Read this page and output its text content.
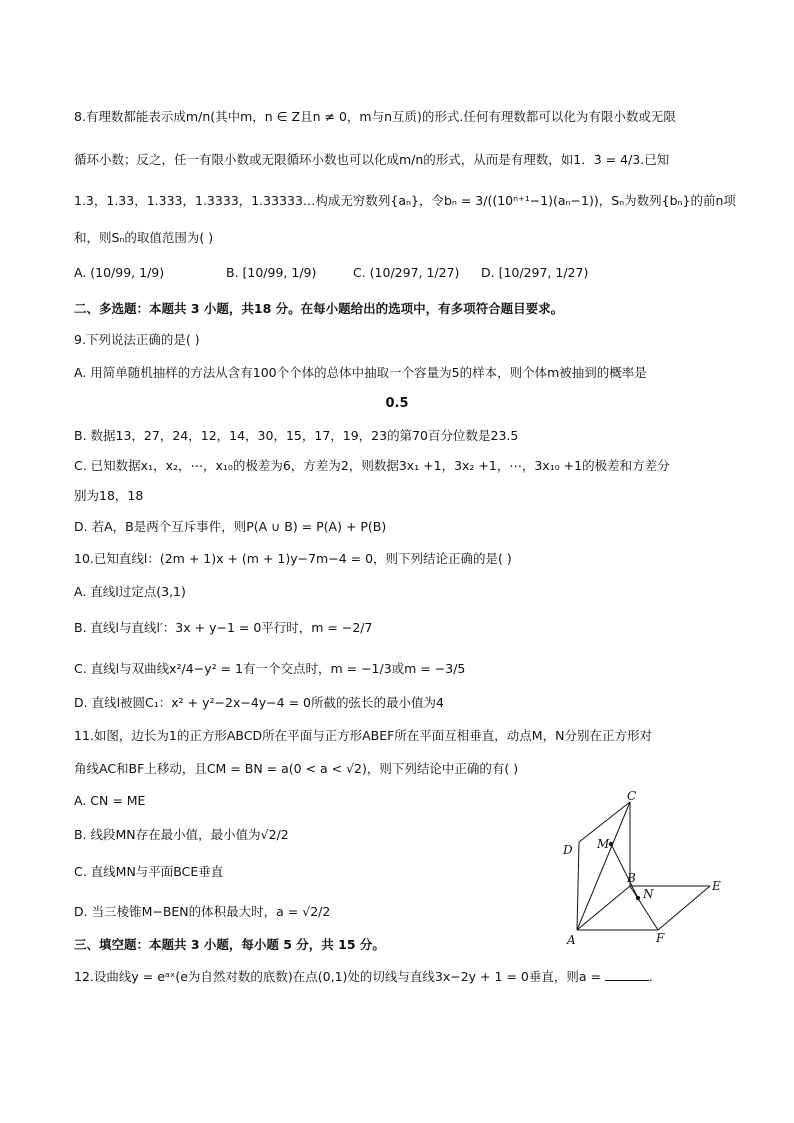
8.有理数都能表示成m/n(其中m，n ∈ Z且n ≠ 0，m与n互质)的形式.任何有理数都可以化为有限小数或无限
循环小数；反之，任一有限小数或无限循环小数也可以化成m/n的形式，从而是有理数，如1．3̇ = 4/3.已知
1.3，1.33，1.333，1.3333，1.33333…构成无穷数列{aₙ}，令bₙ = 3/((10ⁿ⁺¹−1)(aₙ−1))，Sₙ为数列{bₙ}的前n项
和，则Sₙ的取值范围为( )
A. (10/99, 1/9)	B. [10/99, 1/9)	C. (10/297, 1/27) D. [10/297, 1/27)
二、多选题：本题共 3 小题，共18 分。在每小题给出的选项中，有多项符合题目要求。
9.下列说法正确的是( )
A. 用简单随机抽样的方法从含有100个个体的总体中抽取一个容量为5的样本，则个体m被抽到的概率是
0.5
B. 数据13，27，24，12，14，30，15，17，19，23的第70百分位数是23.5
C. 已知数据x₁，x₂，⋯，x₁₀的极差为6，方差为2，则数据3x₁ +1，3x₂ +1，⋯，3x₁₀ +1的极差和方差分
别为18，18
D. 若A，B是两个互斥事件，则P(A ∪ B) = P(A) + P(B)
10.已知直线l：(2m + 1)x + (m + 1)y−7m−4 = 0，则下列结论正确的是( )
A. 直线l过定点(3,1)
B. 直线l与直线l′：3x + y−1 = 0平行时，m = −2/7
C. 直线l与双曲线x²/4−y² = 1有一个交点时，m = −1/3或m = −3/5
D. 直线l被圆C₁：x² + y²−2x−4y−4 = 0所截的弦长的最小值为4
11.如图，边长为1的正方形ABCD所在平面与正方形ABEF所在平面互相垂直，动点M，N分别在正方形对
角线AC和BF上移动，且CM = BN = a(0 < a < √2)，则下列结论中正确的有( )
A. CN = ME
B. 线段MN存在最小值，最小值为√2/2
C. 直线MN与平面BCE垂直
D. 当三棱锥M−BEN的体积最大时，a = √2/2
A
B
C
D
E
F
M
N
三、填空题：本题共 3 小题，每小题 5 分，共 15 分。
12.设曲线y = eᵃˣ(e为自然对数的底数)在点(0,1)处的切线与直线3x−2y + 1 = 0垂直，则a =	.
